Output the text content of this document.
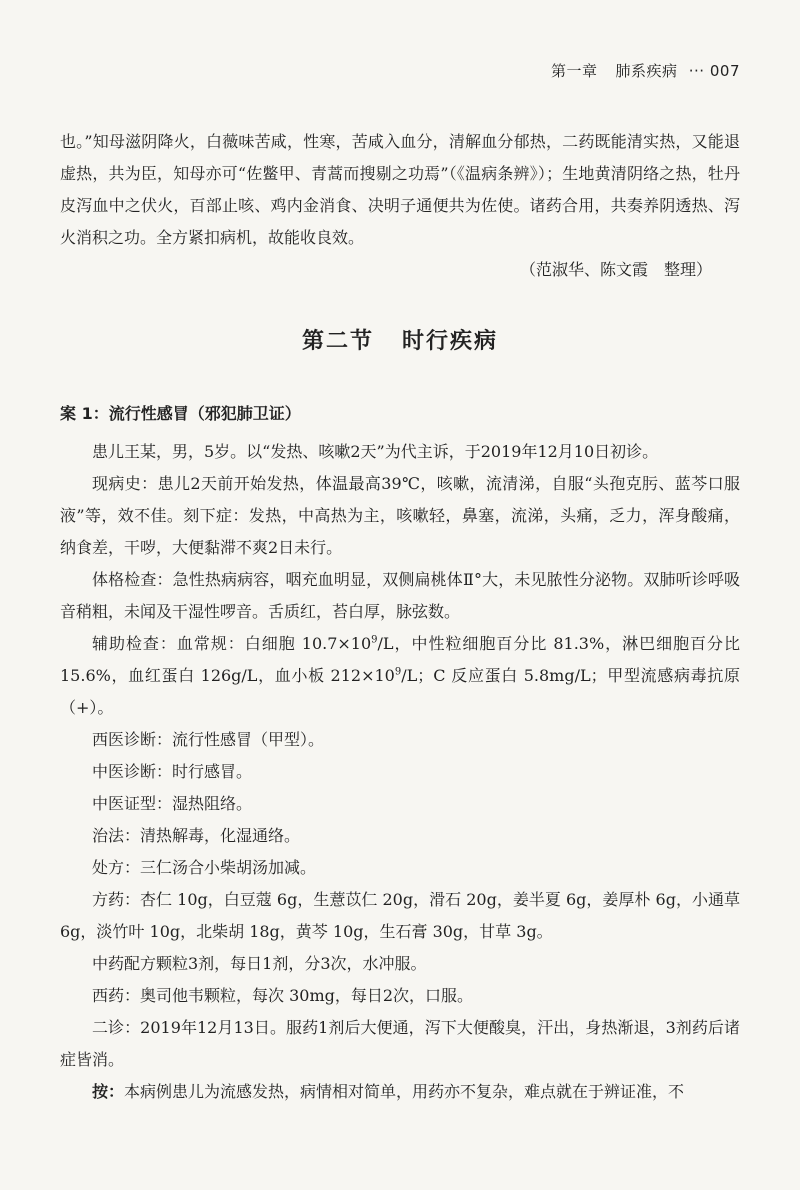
第一章 肺系疾病 ··· 007

也。”知母滋阴降火，白薇味苦咸，性寒，苦咸入血分，清解血分郁热，二药既能清实热，又能退虚热，共为臣，知母亦可“佐鳖甲、青蒿而搜剔之功焉”（《温病条辨》）；生地黄清阴络之热，牡丹皮泻血中之伏火，百部止咳、鸡内金消食、决明子通便共为佐使。诸药合用，共奏养阴透热、泻火消积之功。全方紧扣病机，故能收良效。

（范淑华、陈文霞　整理）

第二节 时行疾病
案 1：流行性感冒（邪犯肺卫证）

患儿王某，男，5岁。以“发热、咳嗽2天”为代主诉，于2019年12月10日初诊。

现病史：患儿2天前开始发热，体温最高39℃，咳嗽，流清涕，自服“头孢克肟、蓝芩口服液”等，效不佳。刻下症：发热，中高热为主，咳嗽轻，鼻塞，流涕，头痛，乏力，浑身酸痛，纳食差，干哕，大便黏滞不爽2日未行。

体格检查：急性热病病容，咽充血明显，双侧扁桃体Ⅱ°大，未见脓性分泌物。双肺听诊呼吸音稍粗，未闻及干湿性啰音。舌质红，苔白厚，脉弦数。

辅助检查：血常规：白细胞 $10.7\times 10^9/L$，中性粒细胞百分比 81.3%，淋巴细胞百分比 15.6%，血红蛋白 126g/L，血小板 $212\times 10^9/L$；C 反应蛋白 5.8mg/L；甲型流感病毒抗原（+）。

西医诊断：流行性感冒（甲型）。

中医诊断：时行感冒。

中医证型：湿热阻络。

治法：清热解毒，化湿通络。

处方：三仁汤合小柴胡汤加减。

方药：杏仁 10g，白豆蔻 6g，生薏苡仁 20g，滑石 20g，姜半夏 6g，姜厚朴 6g，小通草 6g，淡竹叶 10g，北柴胡 18g，黄芩 10g，生石膏 30g，甘草 3g。

中药配方颗粒3剂，每日1剂，分3次，水冲服。

西药：奥司他韦颗粒，每次 30mg，每日2次，口服。

二诊：2019年12月13日。服药1剂后大便通，泻下大便酸臭，汗出，身热渐退，3剂药后诸症皆消。

按：本病例患儿为流感发热，病情相对简单，用药亦不复杂，难点就在于辨证准，不
